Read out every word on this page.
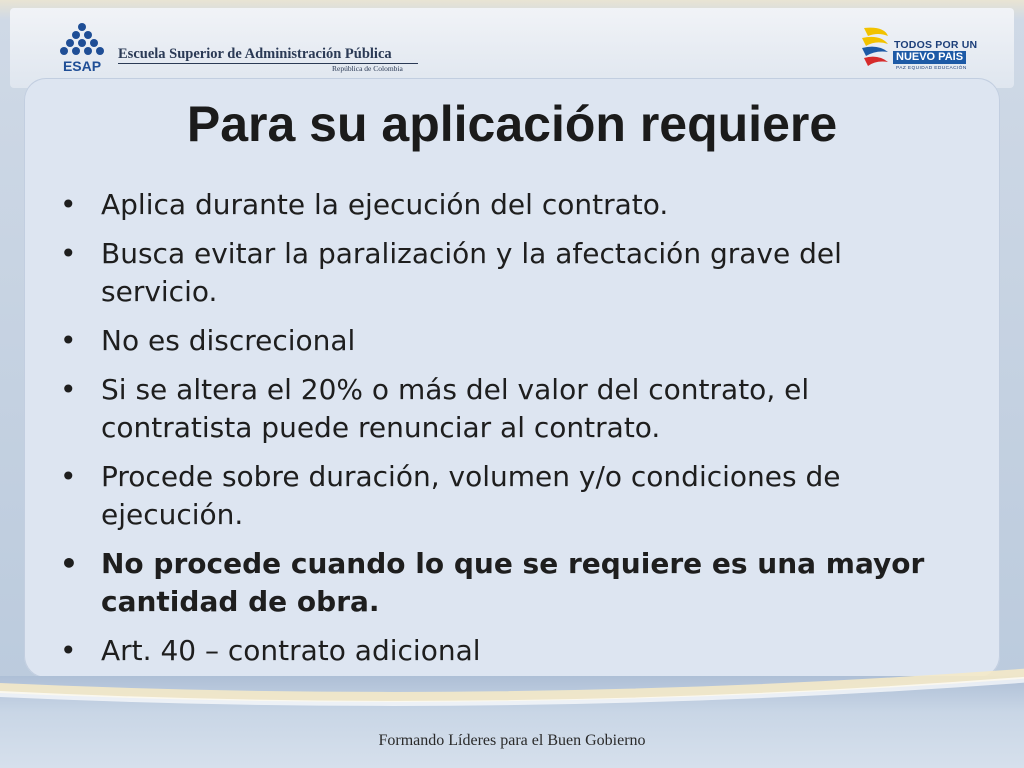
ESAP
Escuela Superior de Administración Pública
República de Colombia
TODOS POR UN
NUEVO PAÍS
PAZ EQUIDAD EDUCACIÓN
Para su aplicación requiere
• Aplica durante la ejecución del contrato.
• Busca evitar la paralización y la afectación grave del servicio.
• No es discrecional
• Si se altera el 20% o más del valor del contrato, el contratista puede renunciar al contrato.
• Procede sobre duración, volumen y/o condiciones de ejecución.
• No procede cuando lo que se requiere es una mayor cantidad de obra.
• Art. 40 – contrato adicional
Formando Líderes para el Buen Gobierno
